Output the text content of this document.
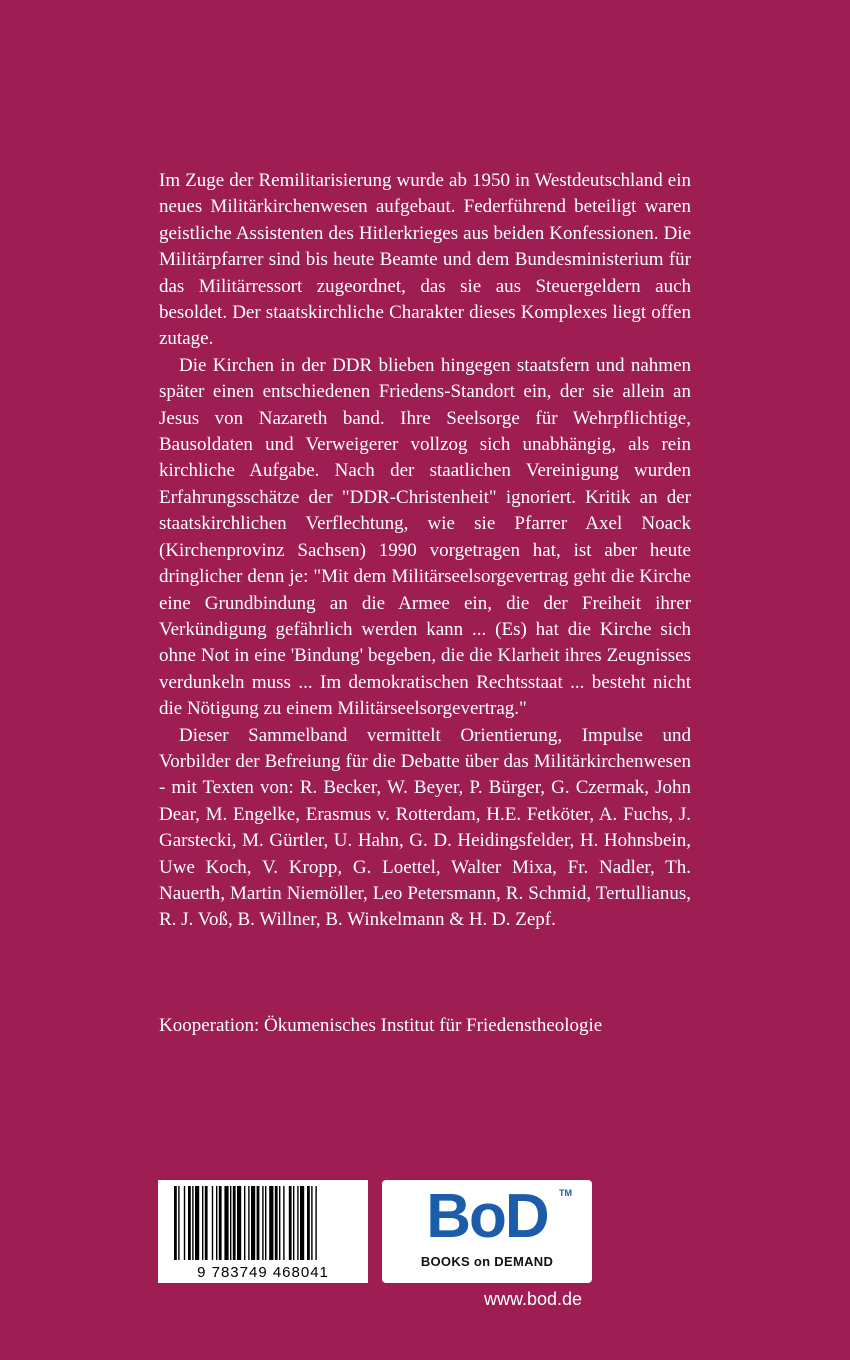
Im Zuge der Remilitarisierung wurde ab 1950 in Westdeutschland ein neues Militärkirchenwesen aufgebaut. Federführend beteiligt waren geistliche Assistenten des Hitlerkrieges aus beiden Konfessionen. Die Militärpfarrer sind bis heute Beamte und dem Bundesministerium für das Militärressort zugeordnet, das sie aus Steuergeldern auch besoldet. Der staatskirchliche Charakter dieses Komplexes liegt offen zutage.

Die Kirchen in der DDR blieben hingegen staatsfern und nahmen später einen entschiedenen Friedens-Standort ein, der sie allein an Jesus von Nazareth band. Ihre Seelsorge für Wehrpflichtige, Bausoldaten und Verweigerer vollzog sich unabhängig, als rein kirchliche Aufgabe. Nach der staatlichen Vereinigung wurden Erfahrungsschätze der "DDR-Christenheit" ignoriert. Kritik an der staatskirchlichen Verflechtung, wie sie Pfarrer Axel Noack (Kirchenprovinz Sachsen) 1990 vorgetragen hat, ist aber heute dringlicher denn je: "Mit dem Militärseelsorgevertrag geht die Kirche eine Grundbindung an die Armee ein, die der Freiheit ihrer Verkündigung gefährlich werden kann ... (Es) hat die Kirche sich ohne Not in eine 'Bindung' begeben, die die Klarheit ihres Zeugnisses verdunkeln muss ... Im demokratischen Rechtsstaat ... besteht nicht die Nötigung zu einem Militärseelsorgevertrag."

Dieser Sammelband vermittelt Orientierung, Impulse und Vorbilder der Befreiung für die Debatte über das Militärkirchenwesen - mit Texten von: R. Becker, W. Beyer, P. Bürger, G. Czermak, John Dear, M. Engelke, Erasmus v. Rotterdam, H.E. Fetköter, A. Fuchs, J. Garstecki, M. Gürtler, U. Hahn, G. D. Heidingsfelder, H. Hohnsbein, Uwe Koch, V. Kropp, G. Loettel, Walter Mixa, Fr. Nadler, Th. Nauerth, Martin Niemöller, Leo Petersmann, R. Schmid, Tertullianus, R. J. Voß, B. Willner, B. Winkelmann & H. D. Zepf.

Kooperation: Ökumenisches Institut für Friedenstheologie
9 783749 468041
BoD	TM
BOOKS on DEMAND
www.bod.de
